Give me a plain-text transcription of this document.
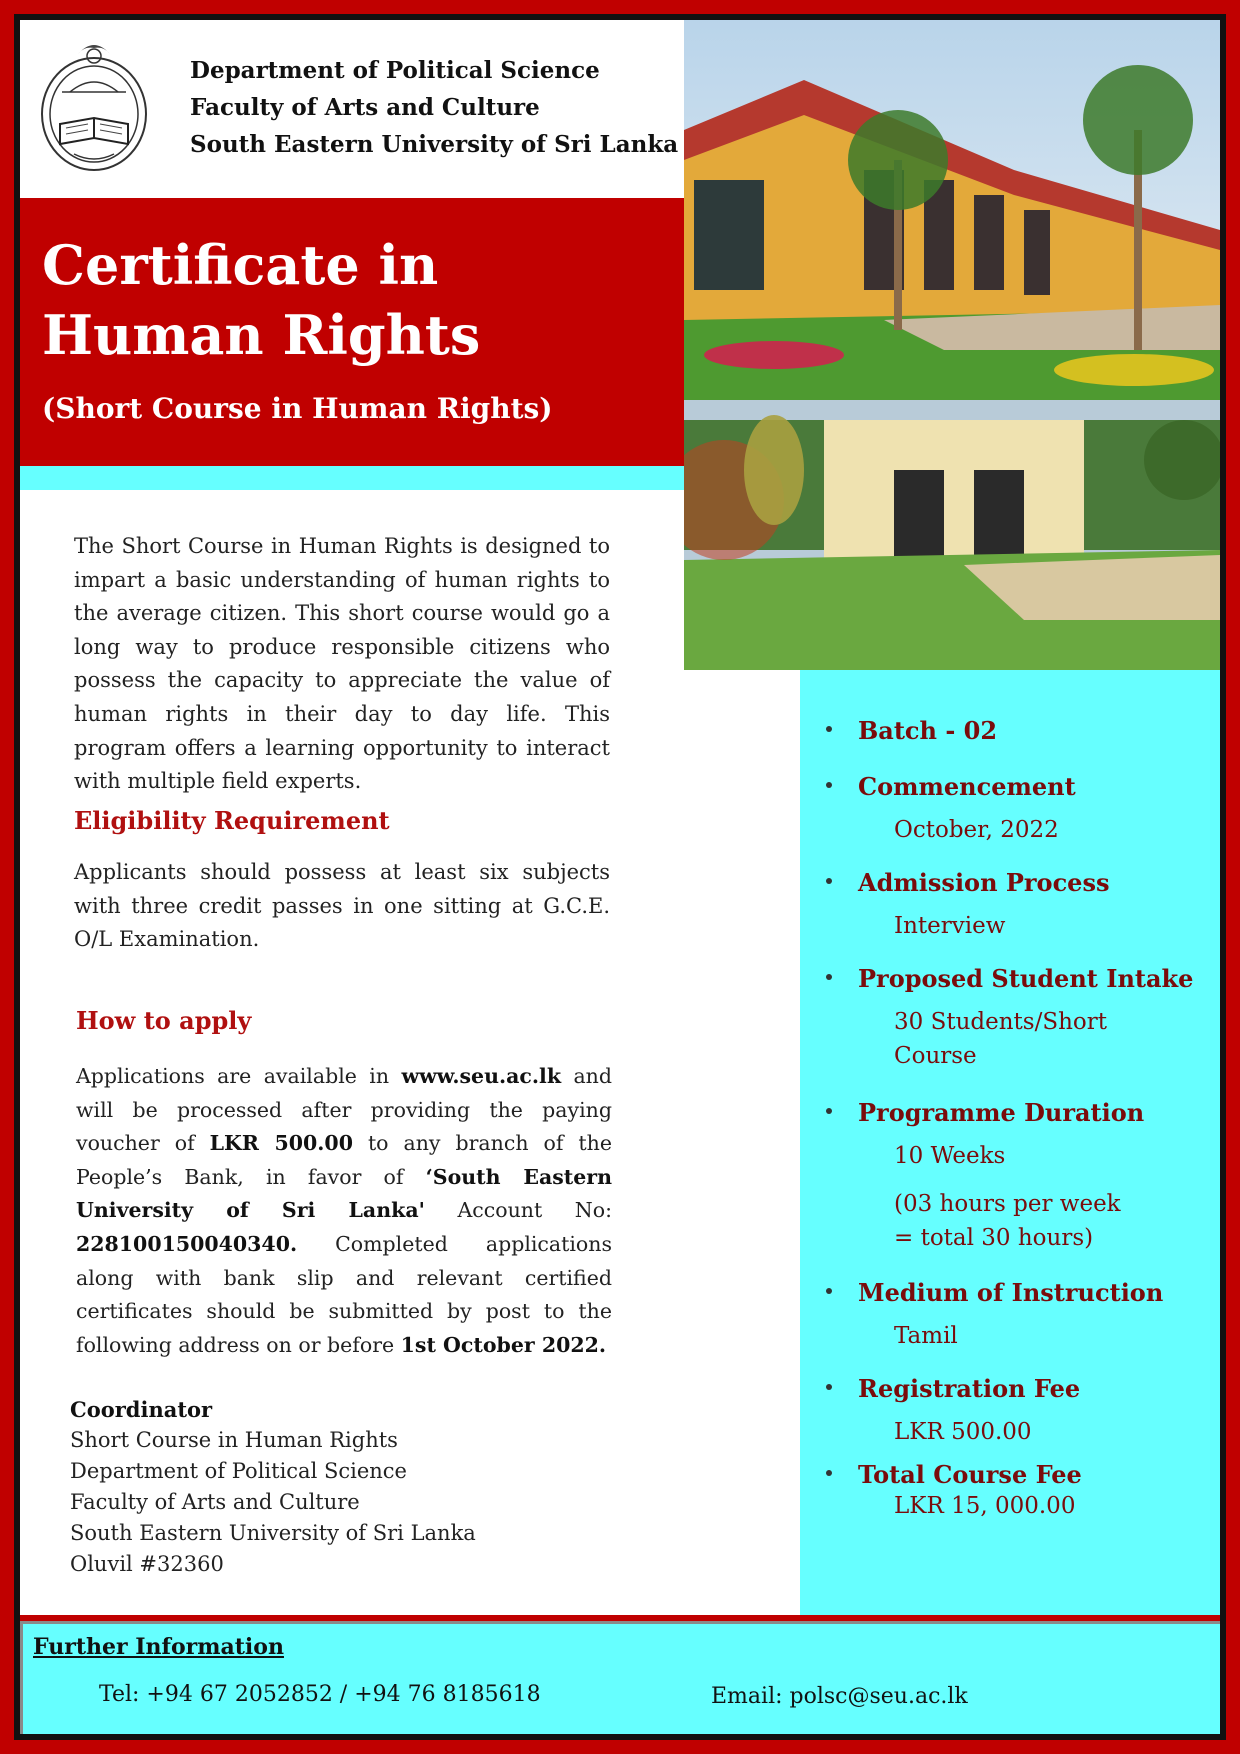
Department of Political Science
Faculty of Arts and Culture
South Eastern University of Sri Lanka
Certificate in Human Rights
(Short Course in Human Rights)
The Short Course in Human Rights is designed to impart a basic understanding of human rights to the average citizen. This short course would go a long way to produce responsible citizens who possess the capacity to appreciate the value of human rights in their day to day life. This program offers a learning opportunity to interact with multiple field experts.
Eligibility Requirement
Applicants should possess at least six subjects with three credit passes in one sitting at G.C.E. O/L Examination.
How to apply
Applications are available in www.seu.ac.lk and will be processed after providing the paying voucher of LKR 500.00 to any branch of the People’s Bank, in favor of ‘South Eastern University of Sri Lanka' Account No: 228100150040340. Completed applications along with bank slip and relevant certified certificates should be submitted by post to the following address on or before 1st October 2022.
Coordinator
Short Course in Human Rights
Department of Political Science
Faculty of Arts and Culture
South Eastern University of Sri Lanka
Oluvil #32360
Batch - 02
Commencement
October, 2022
Admission Process
Interview
Proposed Student Intake
30 Students/Short
Course
Programme Duration
10 Weeks
(03 hours per week
= total 30 hours)
Medium of Instruction
Tamil
Registration Fee
LKR 500.00
Total Course Fee
LKR 15, 000.00
Further Information
Tel: +94 67 2052852 / +94 76 8185618	Email: polsc@seu.ac.lk
